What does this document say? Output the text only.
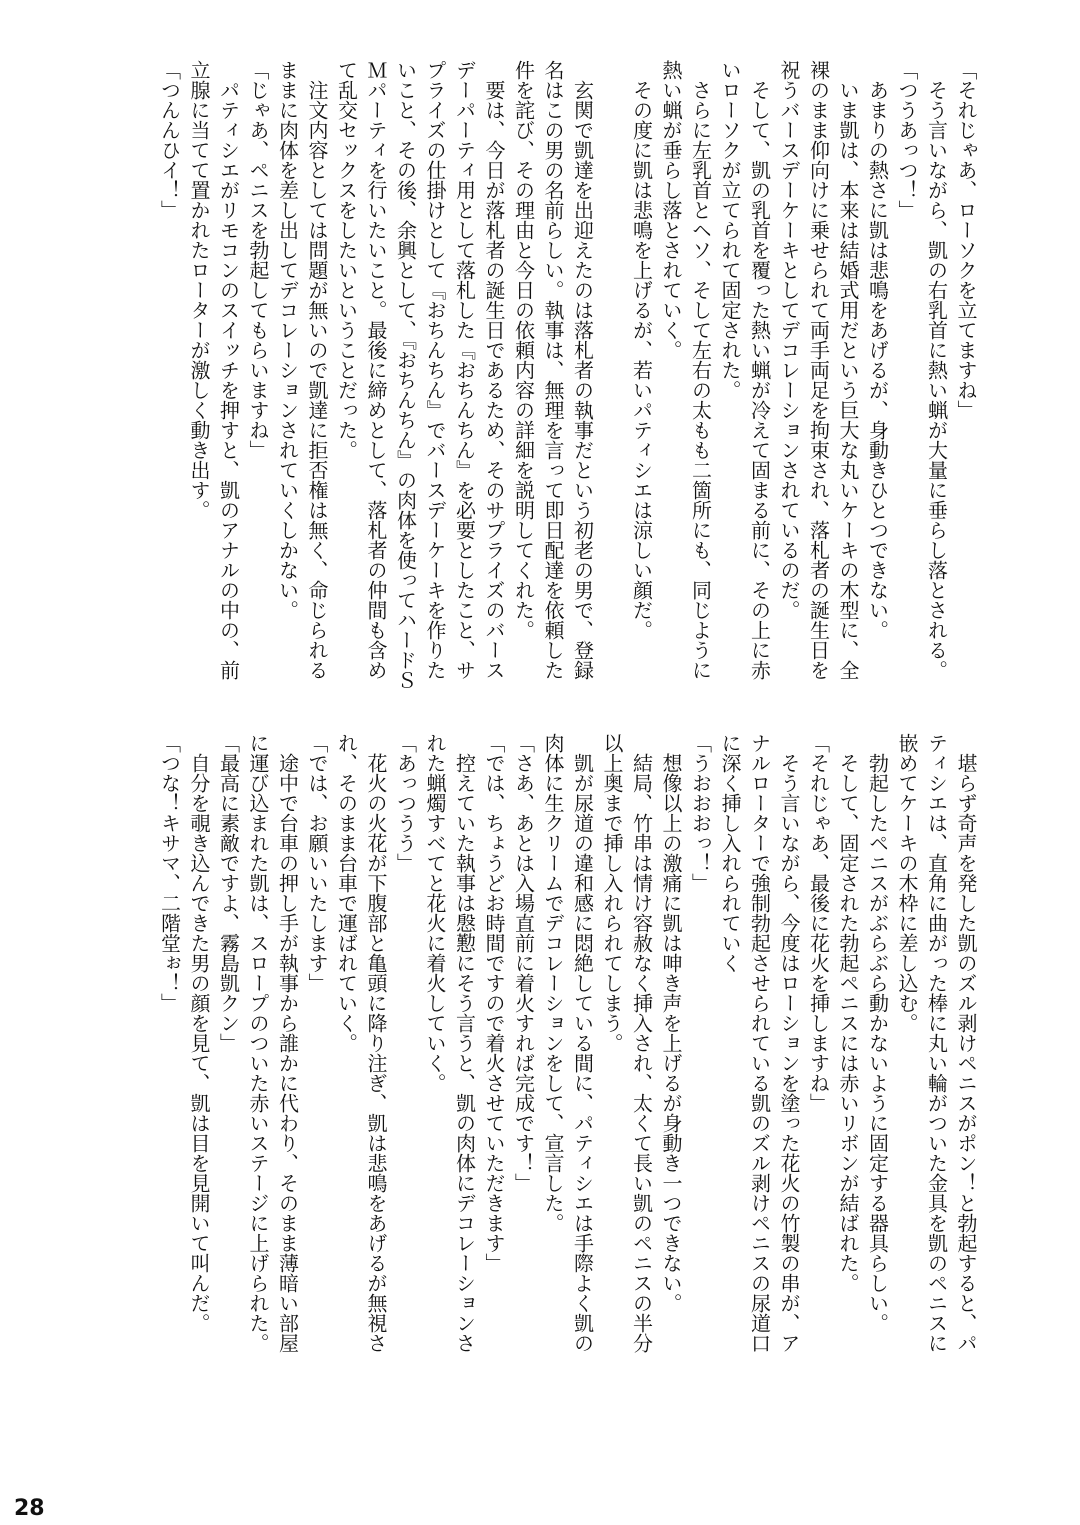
「それじゃあ、ローソクを立てますね」
　そう言いながら、凱の右乳首に熱い蝋が大量に垂らし落とされる。
「つうあっつ！」
　あまりの熱さに凱は悲鳴をあげるが、身動きひとつできない。
　いま凱は、本来は結婚式用だという巨大な丸いケーキの木型に、全
裸のまま仰向けに乗せられて両手両足を拘束され、落札者の誕生日を
祝うバースデーケーキとしてデコレーションされているのだ。
　そして、凱の乳首を覆った熱い蝋が冷えて固まる前に、その上に赤
いローソクが立てられて固定された。
　さらに左乳首とヘソ、そして左右の太もも二箇所にも、同じように
熱い蝋が垂らし落とされていく。
　その度に凱は悲鳴を上げるが、若いパティシエは涼しい顔だ。
　玄関で凱達を出迎えたのは落札者の執事だという初老の男で、登録
名はこの男の名前らしい。執事は、無理を言って即日配達を依頼した
件を詫び、その理由と今日の依頼内容の詳細を説明してくれた。
　要は、今日が落札者の誕生日であるため、そのサプライズのバース
デーパーティ用として落札した『おちんちん』を必要としたこと、サ
プライズの仕掛けとして『おちんちん』でバースデーケーキを作りた
いこと、その後、余興として、『おちんちん』の肉体を使ってハードＳ
Ｍパーティを行いたいこと。最後に締めとして、落札者の仲間も含め
て乱交セックスをしたいということだった。
　注文内容としては問題が無いので凱達に拒否権は無く、命じられる
ままに肉体を差し出してデコレーションされていくしかない。
「じゃあ、ペニスを勃起してもらいますね」
　パティシエがリモコンのスイッチを押すと、凱のアナルの中の、前
立腺に当てて置かれたローターが激しく動き出す。
「つんんひイ！」
　堪らず奇声を発した凱のズル剥けペニスがポン！と勃起すると、パ
ティシエは、直角に曲がった棒に丸い輪がついた金具を凱のペニスに
嵌めてケーキの木枠に差し込む。
　勃起したペニスがぶらぶら動かないように固定する器具らしい。
　そして、固定された勃起ペニスには赤いリボンが結ばれた。
「それじゃあ、最後に花火を挿しますね」
　そう言いながら、今度はローションを塗った花火の竹製の串が、ア
ナルローターで強制勃起させられている凱のズル剥けペニスの尿道口
に深く挿し入れられていく
「うおおおっ！」
　想像以上の激痛に凱は呻き声を上げるが身動き一つできない。
　結局、竹串は情け容赦なく挿入され、太くて長い凱のペニスの半分
以上奥まで挿し入れられてしまう。
　凱が尿道の違和感に悶絶している間に、パティシエは手際よく凱の
肉体に生クリームでデコレーションをして、宣言した。
「さあ、あとは入場直前に着火すれば完成です！」
「では、ちょうどお時間ですので着火させていただきます」
　控えていた執事は慇懃にそう言うと、凱の肉体にデコレーションさ
れた蝋燭すべてと花火に着火していく。
「あっつうう」
　花火の火花が下腹部と亀頭に降り注ぎ、凱は悲鳴をあげるが無視さ
れ、そのまま台車で運ばれていく。
「では、お願いいたします」
　途中で台車の押し手が執事から誰かに代わり、そのまま薄暗い部屋
に運び込まれた凱は、スロープのついた赤いステージに上げられた。
「最高に素敵ですよ、霧島凱クン」
　自分を覗き込んできた男の顔を見て、凱は目を見開いて叫んだ。
「つな！キサマ、二階堂ぉ！」
28
